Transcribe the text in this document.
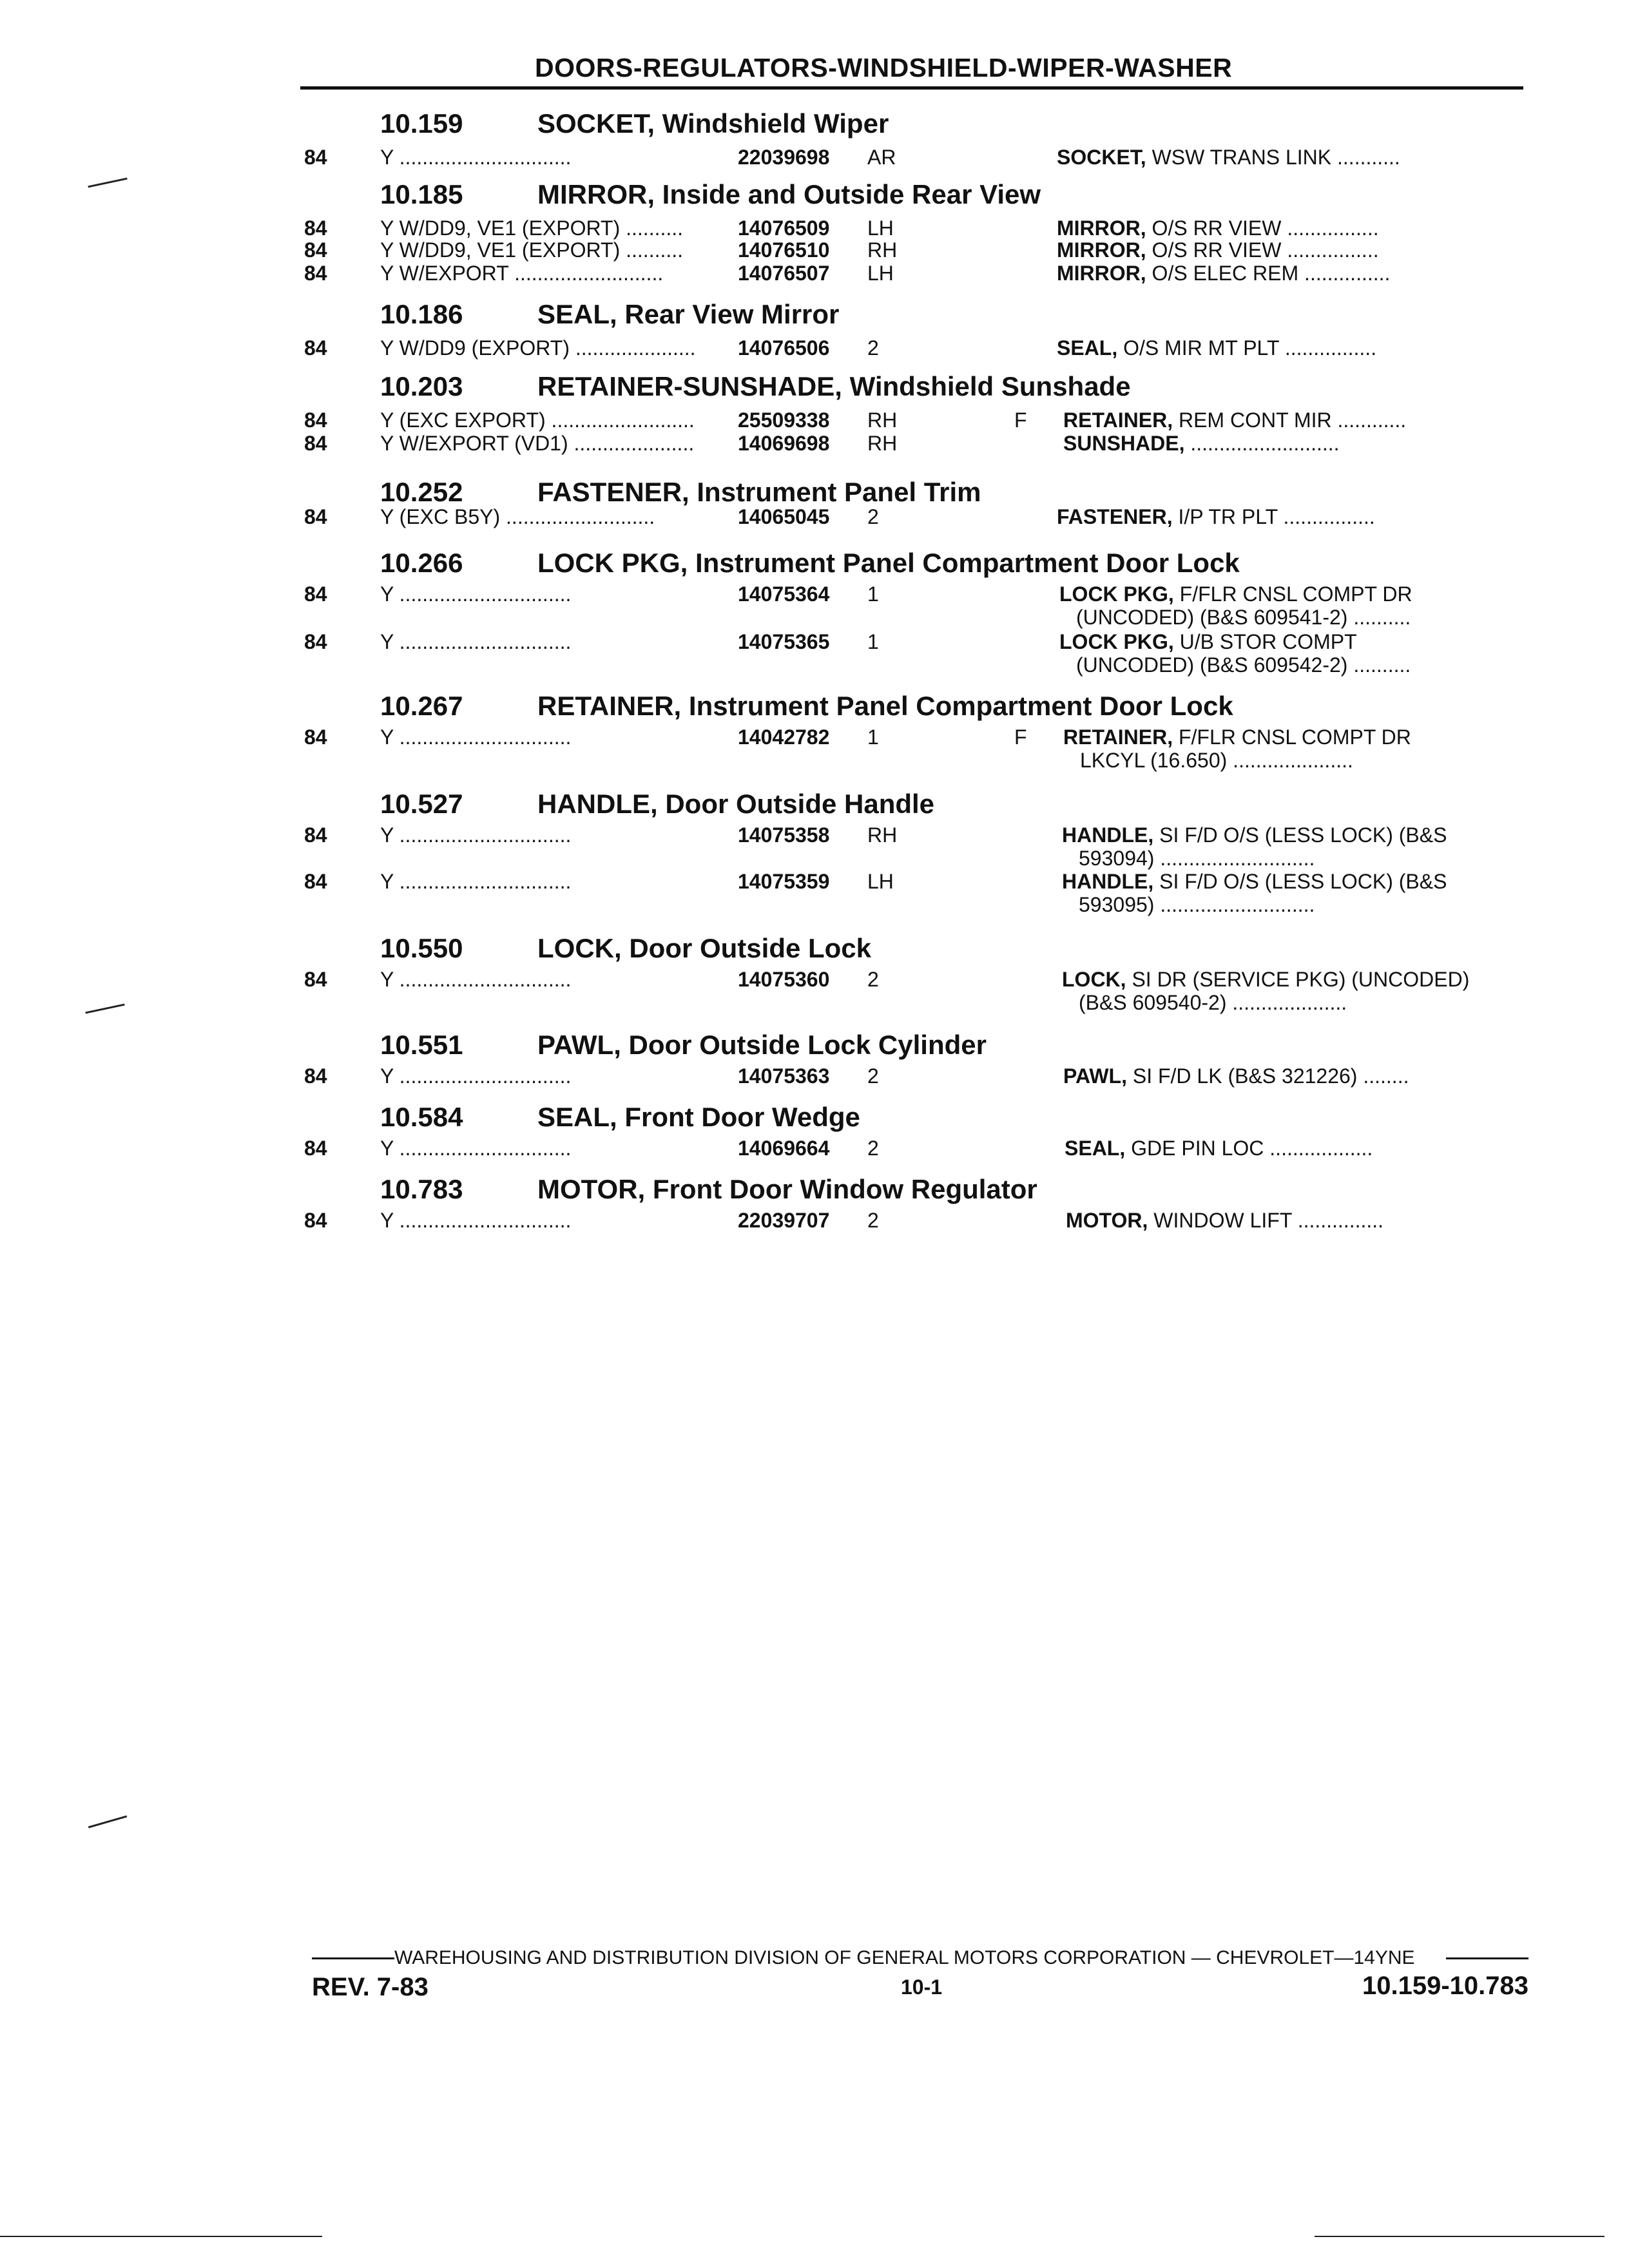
DOORS-REGULATORS-WINDSHIELD-WIPER-WASHER
10.159	SOCKET, Windshield Wiper
84	Y ..............................	22039698 AR	SOCKET, WSW TRANS LINK ...........
10.185	MIRROR, Inside and Outside Rear View
84	Y W/DD9, VE1 (EXPORT) ..........	14076509 LH	MIRROR, O/S RR VIEW ................
84	Y W/DD9, VE1 (EXPORT) ..........	14076510 RH	MIRROR, O/S RR VIEW ................
84	Y W/EXPORT ..........................	14076507 LH	MIRROR, O/S ELEC REM ...............
10.186	SEAL, Rear View Mirror
84	Y W/DD9 (EXPORT) .....................	14076506 2	SEAL, O/S MIR MT PLT ................
10.203	RETAINER-SUNSHADE, Windshield Sunshade
84	Y (EXC EXPORT) .........................	25509338 RH	F RETAINER, REM CONT MIR ............
84	Y W/EXPORT (VD1) .....................	14069698 RH	SUNSHADE, ..........................
10.252	FASTENER, Instrument Panel Trim
84	Y (EXC B5Y) ..........................	14065045 2	FASTENER, I/P TR PLT ................
10.266	LOCK PKG, Instrument Panel Compartment Door Lock
84	Y ..............................	14075364 1	LOCK PKG, F/FLR CNSL COMPT DR
(UNCODED) (B&S 609541-2) ..........
84	Y ..............................	14075365 1	LOCK PKG, U/B STOR COMPT
(UNCODED) (B&S 609542-2) ..........
10.267	RETAINER, Instrument Panel Compartment Door Lock
84	Y ..............................	14042782 1	F RETAINER, F/FLR CNSL COMPT DR
LKCYL (16.650) .....................
10.527	HANDLE, Door Outside Handle
84	Y ..............................	14075358 RH	HANDLE, SI F/D O/S (LESS LOCK) (B&S
593094) ...........................
84	Y ..............................	14075359 LH	HANDLE, SI F/D O/S (LESS LOCK) (B&S
593095) ...........................
10.550	LOCK, Door Outside Lock
84	Y ..............................	14075360 2	LOCK, SI DR (SERVICE PKG) (UNCODED)
(B&S 609540-2) ....................
10.551	PAWL, Door Outside Lock Cylinder
84	Y ..............................	14075363 2	PAWL, SI F/D LK (B&S 321226) ........
10.584	SEAL, Front Door Wedge
84	Y ..............................	14069664 2	SEAL, GDE PIN LOC ..................
10.783	MOTOR, Front Door Window Regulator
84	Y ..............................	22039707 2	MOTOR, WINDOW LIFT ...............
WAREHOUSING AND DISTRIBUTION DIVISION OF GENERAL MOTORS CORPORATION — CHEVROLET—14YNE
REV. 7-83	10-1	10.159-10.783
